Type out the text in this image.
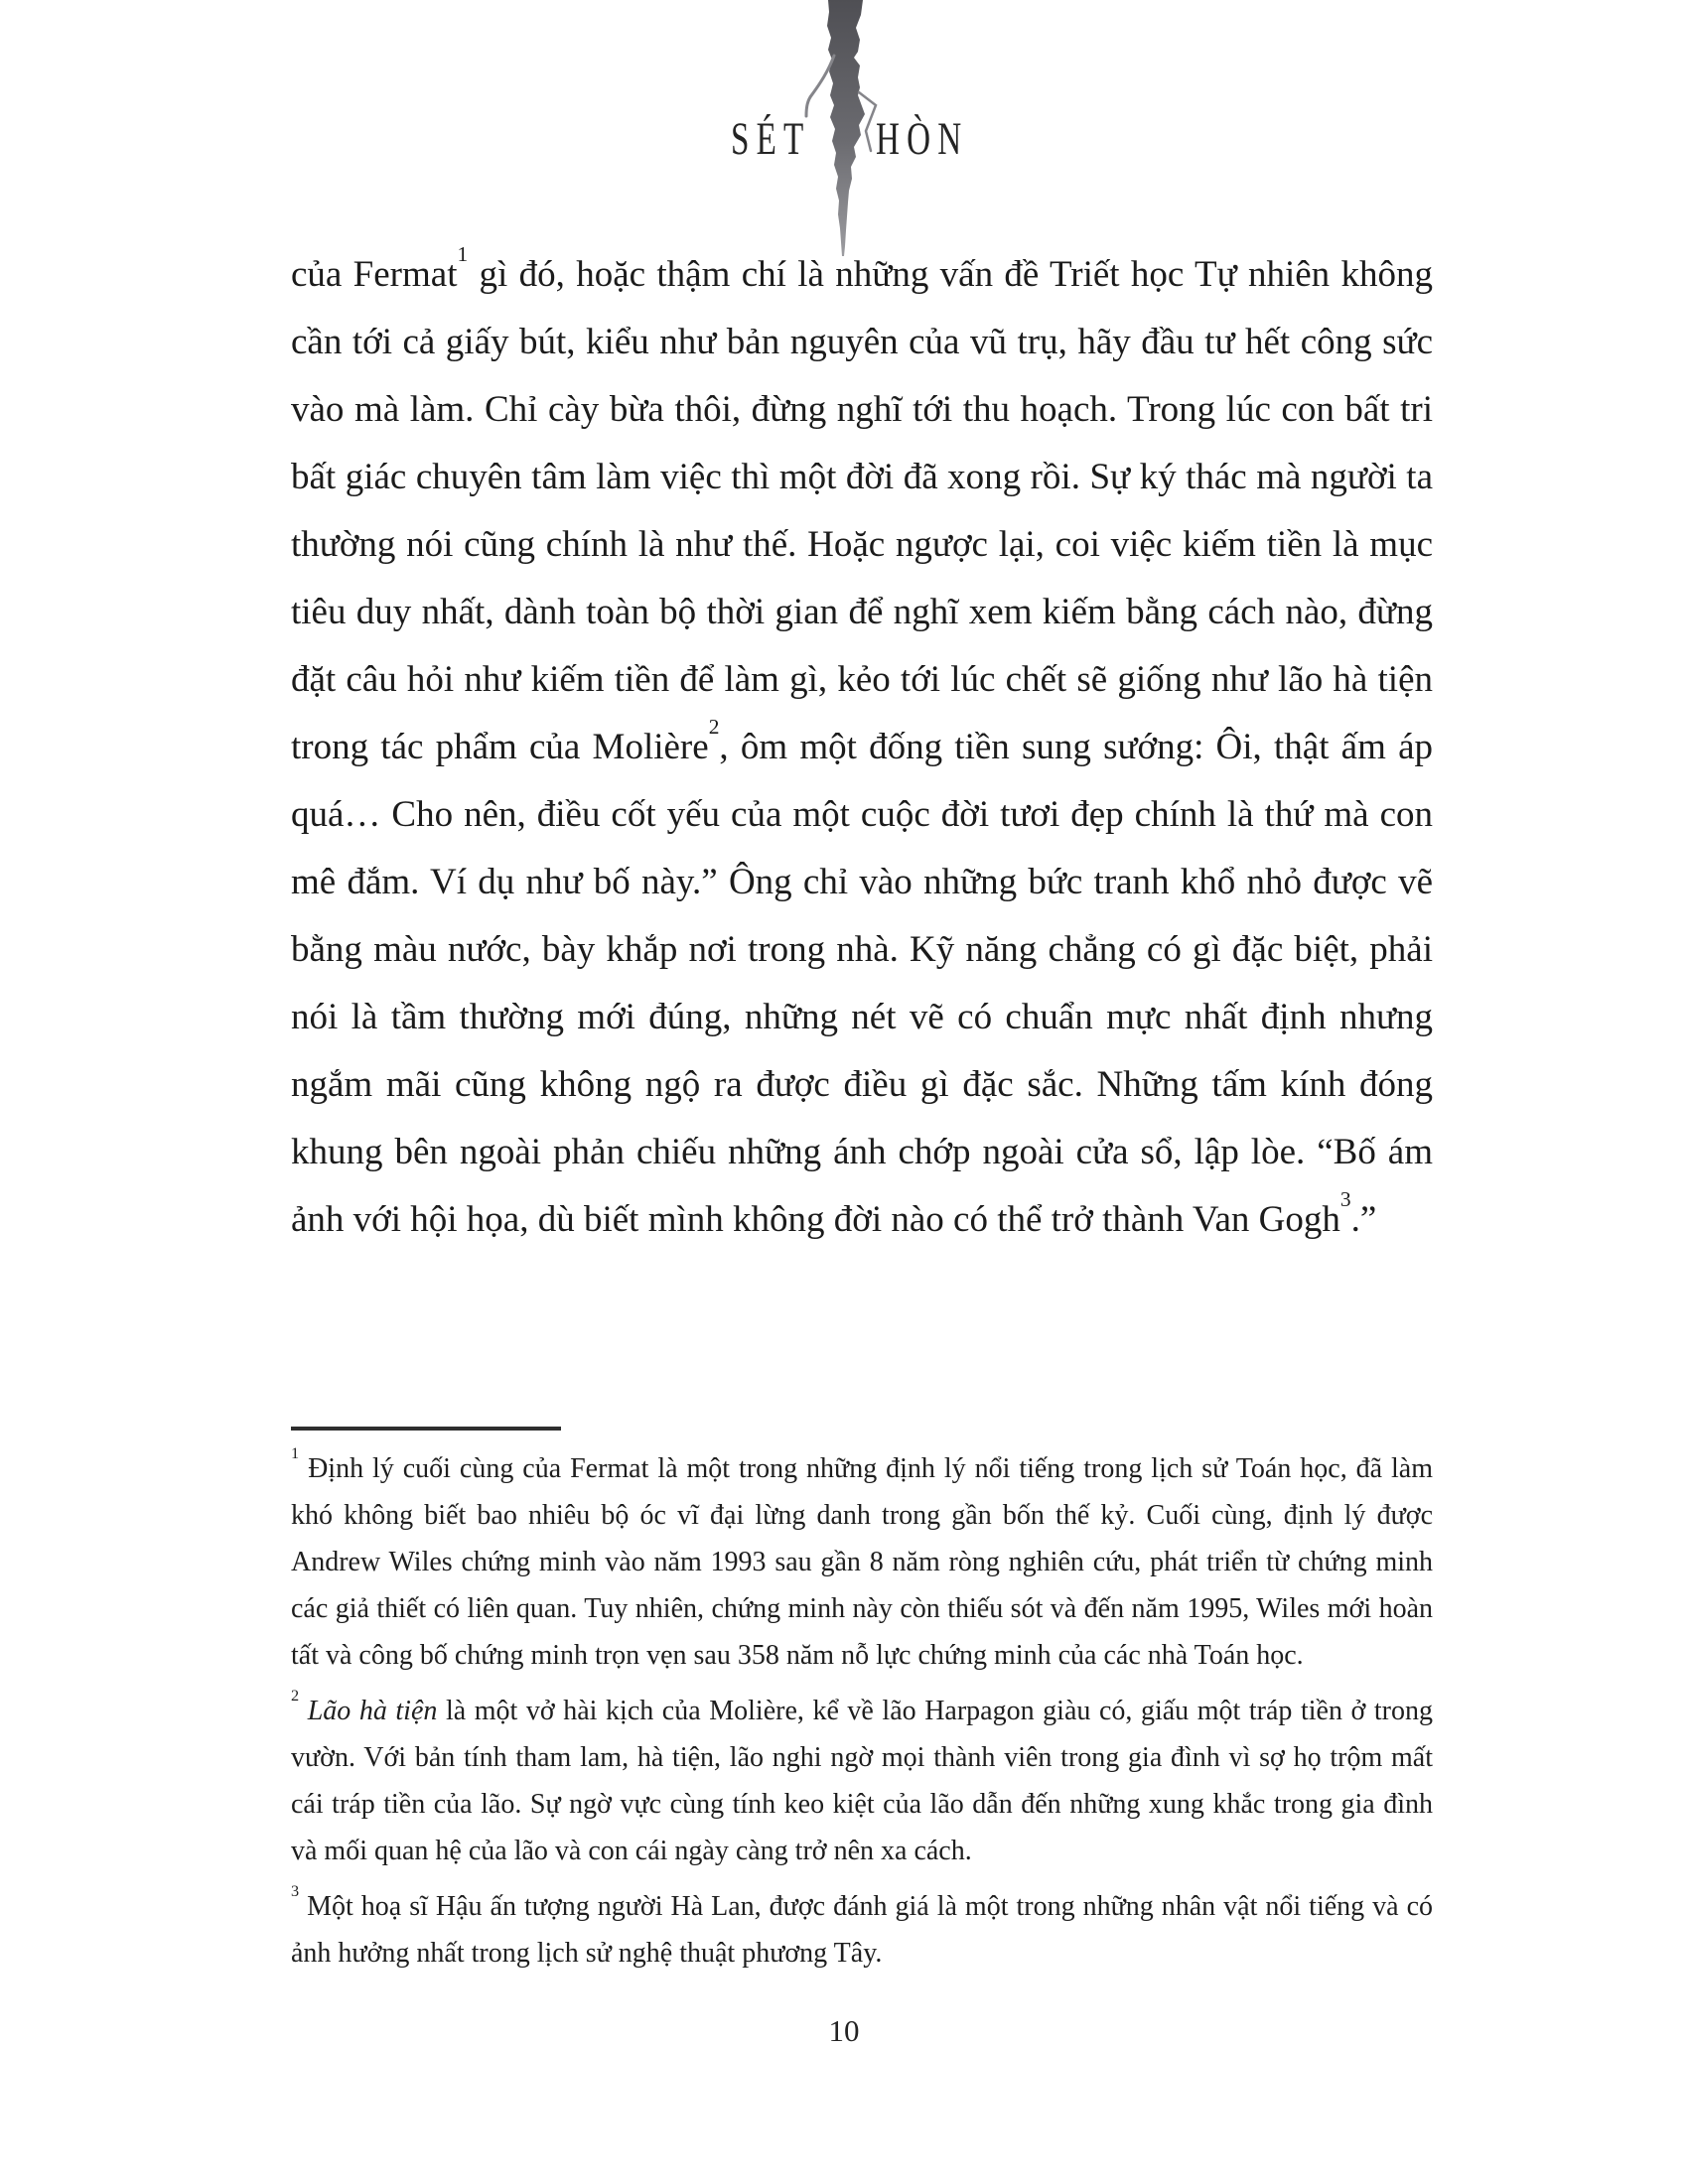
SÉT HÒN

của Fermat$^1$ gì đó, hoặc thậm chí là những vấn đề Triết học Tự nhiên không cần tới cả giấy bút, kiểu như bản nguyên của vũ trụ, hãy đầu tư hết công sức vào mà làm. Chỉ cày bừa thôi, đừng nghĩ tới thu hoạch. Trong lúc con bất tri bất giác chuyên tâm làm việc thì một đời đã xong rồi. Sự ký thác mà người ta thường nói cũng chính là như thế. Hoặc ngược lại, coi việc kiếm tiền là mục tiêu duy nhất, dành toàn bộ thời gian để nghĩ xem kiếm bằng cách nào, đừng đặt câu hỏi như kiếm tiền để làm gì, kẻo tới lúc chết sẽ giống như lão hà tiện trong tác phẩm của Molière$^2$, ôm một đống tiền sung sướng: Ôi, thật ấm áp quá… Cho nên, điều cốt yếu của một cuộc đời tươi đẹp chính là thứ mà con mê đắm. Ví dụ như bố này.” Ông chỉ vào những bức tranh khổ nhỏ được vẽ bằng màu nước, bày khắp nơi trong nhà. Kỹ năng chẳng có gì đặc biệt, phải nói là tầm thường mới đúng, những nét vẽ có chuẩn mực nhất định nhưng ngắm mãi cũng không ngộ ra được điều gì đặc sắc. Những tấm kính đóng khung bên ngoài phản chiếu những ánh chớp ngoài cửa sổ, lập lòe. “Bố ám ảnh với hội họa, dù biết mình không đời nào có thể trở thành Van Gogh$^3$.”

$^1$ Định lý cuối cùng của Fermat là một trong những định lý nổi tiếng trong lịch sử Toán học, đã làm khó không biết bao nhiêu bộ óc vĩ đại lừng danh trong gần bốn thế kỷ. Cuối cùng, định lý được Andrew Wiles chứng minh vào năm 1993 sau gần 8 năm ròng nghiên cứu, phát triển từ chứng minh các giả thiết có liên quan. Tuy nhiên, chứng minh này còn thiếu sót và đến năm 1995, Wiles mới hoàn tất và công bố chứng minh trọn vẹn sau 358 năm nỗ lực chứng minh của các nhà Toán học.

$^2$ Lão hà tiện là một vở hài kịch của Molière, kể về lão Harpagon giàu có, giấu một tráp tiền ở trong vườn. Với bản tính tham lam, hà tiện, lão nghi ngờ mọi thành viên trong gia đình vì sợ họ trộm mất cái tráp tiền của lão. Sự ngờ vực cùng tính keo kiệt của lão dẫn đến những xung khắc trong gia đình và mối quan hệ của lão và con cái ngày càng trở nên xa cách.

$^3$ Một hoạ sĩ Hậu ấn tượng người Hà Lan, được đánh giá là một trong những nhân vật nổi tiếng và có ảnh hưởng nhất trong lịch sử nghệ thuật phương Tây.

10
